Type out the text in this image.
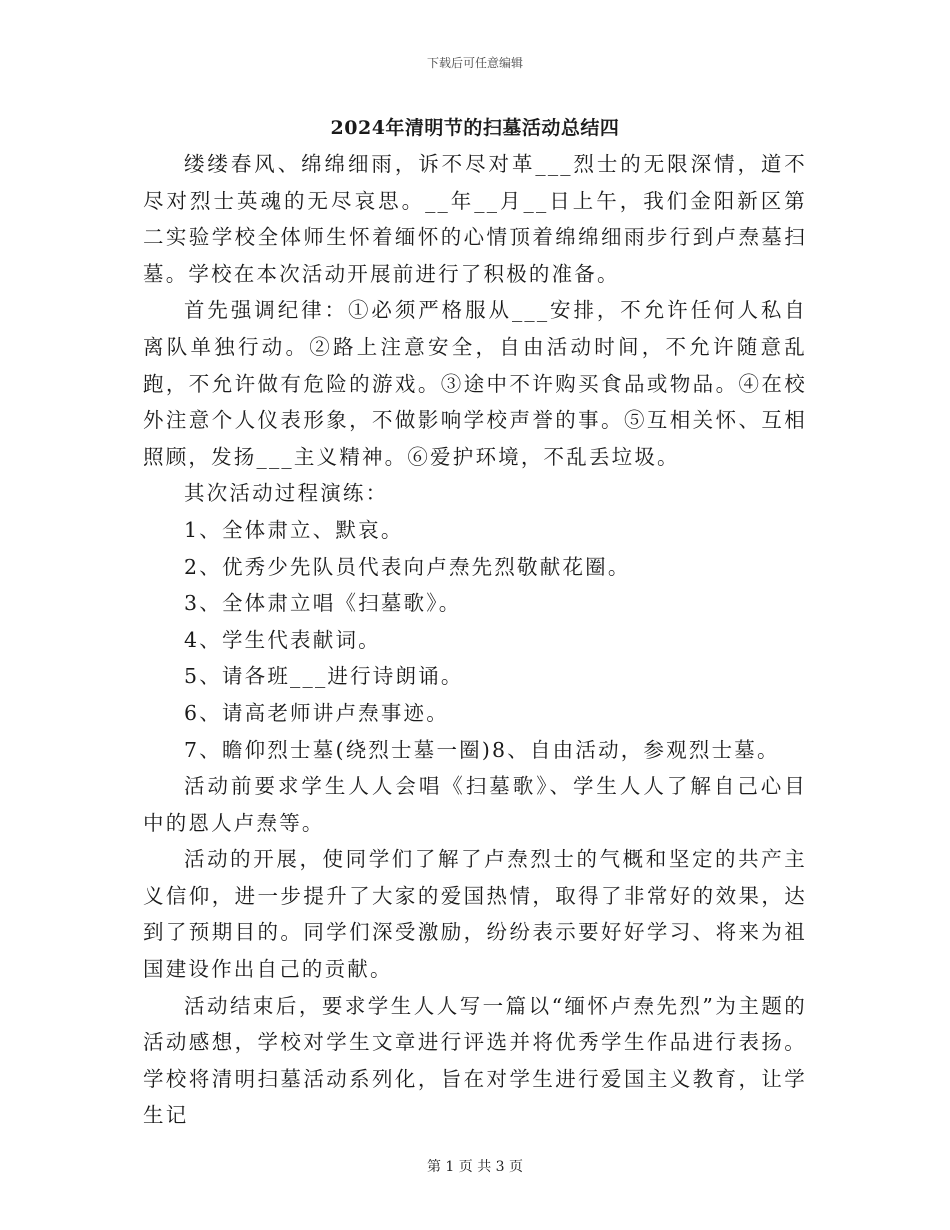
下载后可任意编辑
2024年清明节的扫墓活动总结四

缕缕春风、绵绵细雨，诉不尽对革___烈士的无限深情，道不尽对烈士英魂的无尽哀思。__年__月__日上午，我们金阳新区第二实验学校全体师生怀着缅怀的心情顶着绵绵细雨步行到卢焘墓扫墓。学校在本次活动开展前进行了积极的准备。

首先强调纪律：①必须严格服从___安排，不允许任何人私自离队单独行动。②路上注意安全，自由活动时间，不允许随意乱跑，不允许做有危险的游戏。③途中不许购买食品或物品。④在校外注意个人仪表形象，不做影响学校声誉的事。⑤互相关怀、互相照顾，发扬___主义精神。⑥爱护环境，不乱丢垃圾。

其次活动过程演练：

1、全体肃立、默哀。

2、优秀少先队员代表向卢焘先烈敬献花圈。

3、全体肃立唱《扫墓歌》。

4、学生代表献词。

5、请各班___进行诗朗诵。

6、请高老师讲卢焘事迹。

7、瞻仰烈士墓(绕烈士墓一圈)8、自由活动，参观烈士墓。

活动前要求学生人人会唱《扫墓歌》、学生人人了解自己心目中的恩人卢焘等。

活动的开展，使同学们了解了卢焘烈士的气概和坚定的共产主义信仰，进一步提升了大家的爱国热情，取得了非常好的效果，达到了预期目的。同学们深受激励，纷纷表示要好好学习、将来为祖国建设作出自己的贡献。

活动结束后，要求学生人人写一篇以“缅怀卢焘先烈”为主题的活动感想，学校对学生文章进行评选并将优秀学生作品进行表扬。学校将清明扫墓活动系列化，旨在对学生进行爱国主义教育，让学生记

第 1 页 共 3 页
